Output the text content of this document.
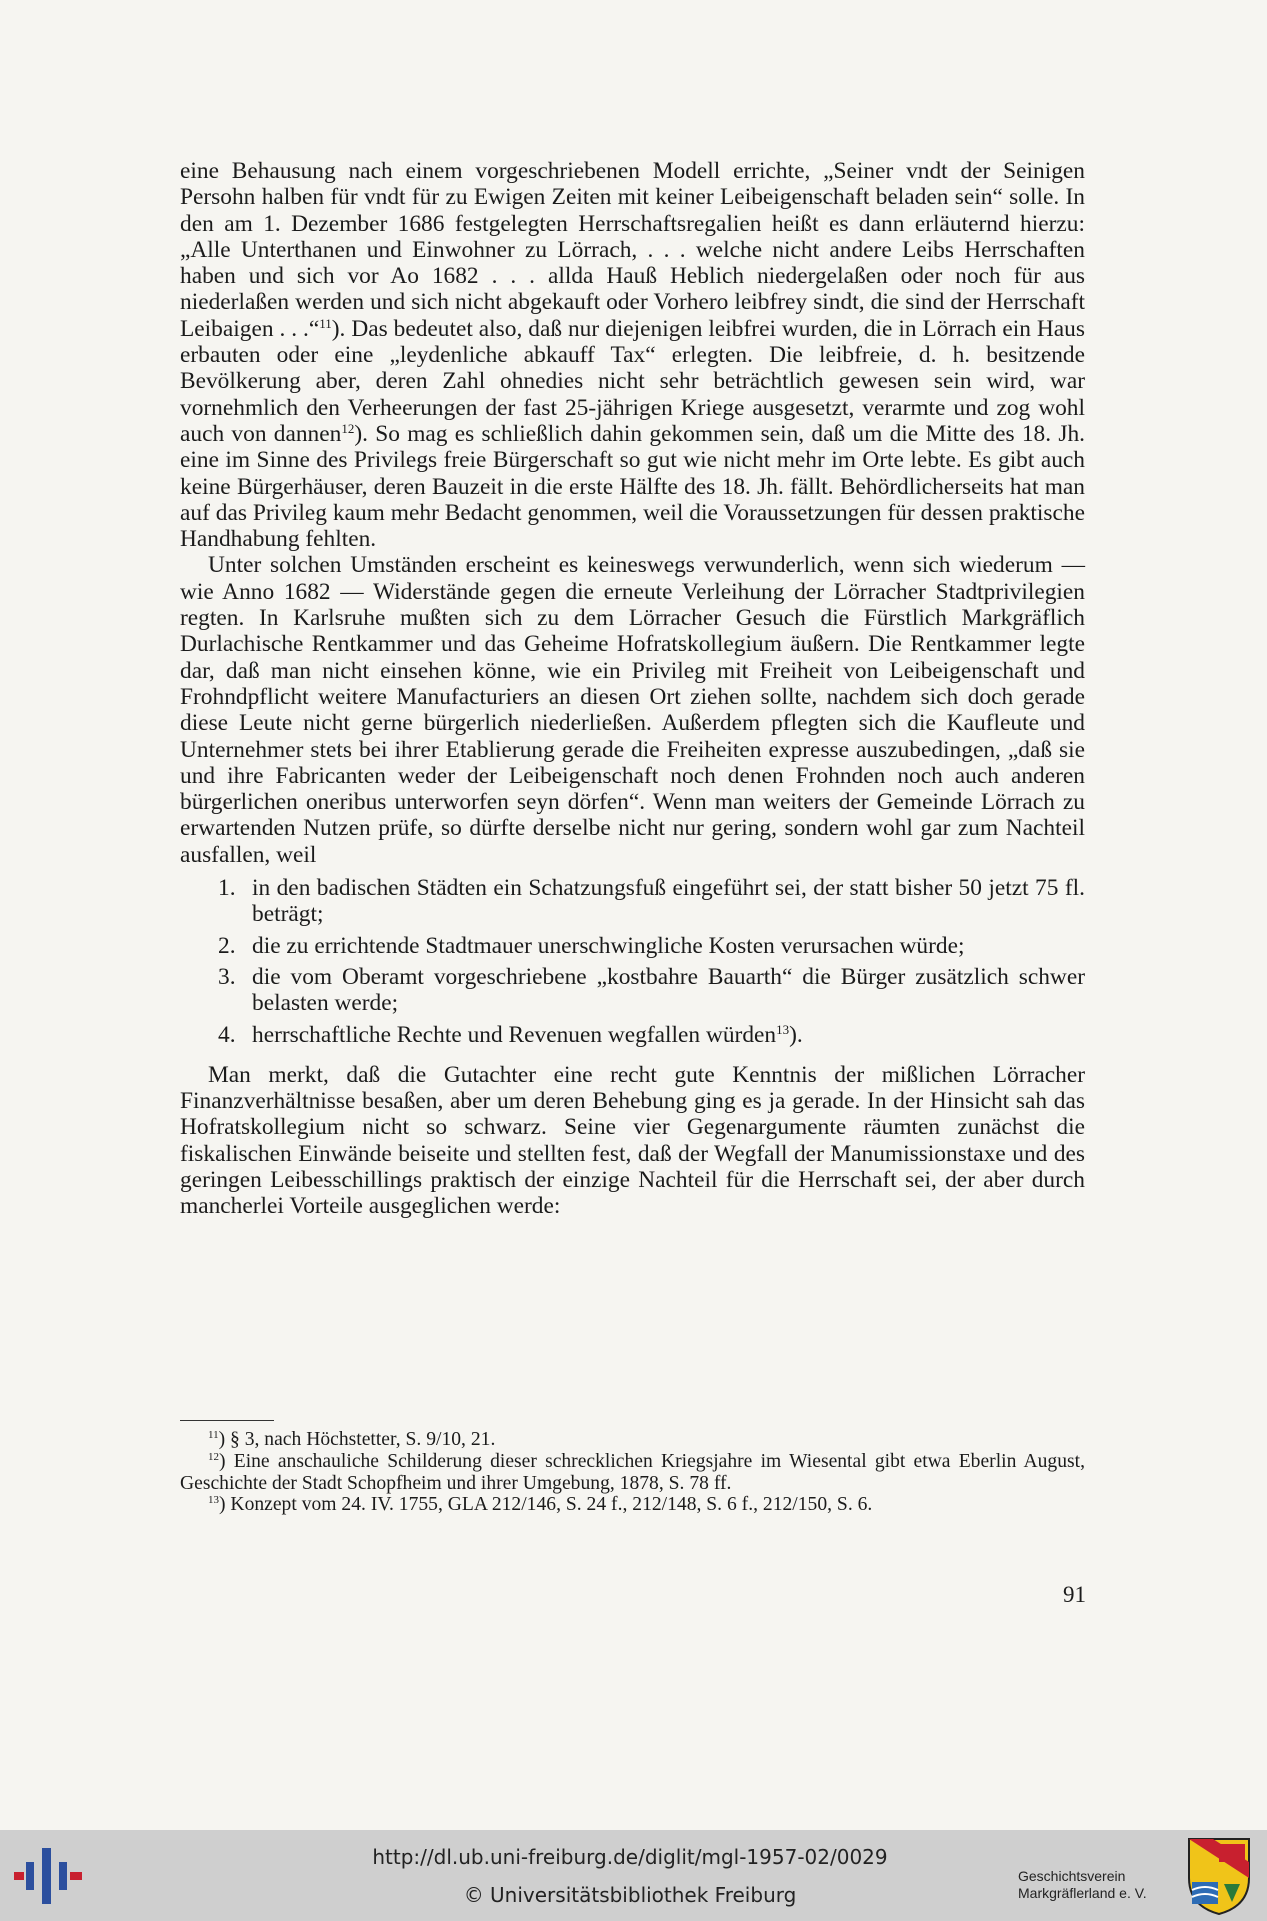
eine Behausung nach einem vorgeschriebenen Modell errichte, „Seiner vndt der Seinigen Persohn halben für vndt für zu Ewigen Zeiten mit keiner Leibeigenschaft beladen sein“ solle. In den am 1. Dezember 1686 festgelegten Herrschaftsregalien heißt es dann erläuternd hierzu: „Alle Unterthanen und Einwohner zu Lörrach, . . . welche nicht andere Leibs Herrschaften haben und sich vor Ao 1682 . . . allda Hauß Heblich niedergelaßen oder noch für aus niederlaßen werden und sich nicht abgekauft oder Vorhero leibfrey sindt, die sind der Herrschaft Leibaigen . . .“$^{11}$). Das bedeutet also, daß nur diejenigen leibfrei wurden, die in Lörrach ein Haus erbauten oder eine „leydenliche abkauff Tax“ erlegten. Die leibfreie, d. h. besitzende Bevölkerung aber, deren Zahl ohnedies nicht sehr beträchtlich gewesen sein wird, war vornehmlich den Verheerungen der fast 25-jährigen Kriege ausgesetzt, verarmte und zog wohl auch von dannen$^{12}$). So mag es schließlich dahin gekommen sein, daß um die Mitte des 18. Jh. eine im Sinne des Privilegs freie Bürgerschaft so gut wie nicht mehr im Orte lebte. Es gibt auch keine Bürgerhäuser, deren Bauzeit in die erste Hälfte des 18. Jh. fällt. Behördlicherseits hat man auf das Privileg kaum mehr Bedacht genommen, weil die Voraussetzungen für dessen praktische Handhabung fehlten.

Unter solchen Umständen erscheint es keineswegs verwunderlich, wenn sich wiederum — wie Anno 1682 — Widerstände gegen die erneute Verleihung der Lörracher Stadtprivilegien regten. In Karlsruhe mußten sich zu dem Lörracher Gesuch die Fürstlich Markgräflich Durlachische Rentkammer und das Geheime Hofratskollegium äußern. Die Rentkammer legte dar, daß man nicht einsehen könne, wie ein Privileg mit Freiheit von Leibeigenschaft und Frohndpflicht weitere Manufacturiers an diesen Ort ziehen sollte, nachdem sich doch gerade diese Leute nicht gerne bürgerlich niederließen. Außerdem pflegten sich die Kaufleute und Unternehmer stets bei ihrer Etablierung gerade die Freiheiten expresse auszubedingen, „daß sie und ihre Fabricanten weder der Leibeigenschaft noch denen Frohnden noch auch anderen bürgerlichen oneribus unterworfen seyn dörfen“. Wenn man weiters der Gemeinde Lörrach zu erwartenden Nutzen prüfe, so dürfte derselbe nicht nur gering, sondern wohl gar zum Nachteil ausfallen, weil

1. in den badischen Städten ein Schatzungsfuß eingeführt sei, der statt bisher 50 jetzt 75 fl. beträgt;
2. die zu errichtende Stadtmauer unerschwingliche Kosten verursachen würde;
3. die vom Oberamt vorgeschriebene „kostbahre Bauarth“ die Bürger zusätzlich schwer belasten werde;
4. herrschaftliche Rechte und Revenuen wegfallen würden$^{13}$).

Man merkt, daß die Gutachter eine recht gute Kenntnis der mißlichen Lörracher Finanzverhältnisse besaßen, aber um deren Behebung ging es ja gerade. In der Hinsicht sah das Hofratskollegium nicht so schwarz. Seine vier Gegenargumente räumten zunächst die fiskalischen Einwände beiseite und stellten fest, daß der Wegfall der Manumissionstaxe und des geringen Leibesschillings praktisch der einzige Nachteil für die Herrschaft sei, der aber durch mancherlei Vorteile ausgeglichen werde:

$^{11}$) § 3, nach Höchstetter, S. 9/10, 21.

$^{12}$) Eine anschauliche Schilderung dieser schrecklichen Kriegsjahre im Wiesental gibt etwa Eberlin August, Geschichte der Stadt Schopfheim und ihrer Umgebung, 1878, S. 78 ff.

$^{13}$) Konzept vom 24. IV. 1755, GLA 212/146, S. 24 f., 212/148, S. 6 f., 212/150, S. 6.

91
http://dl.ub.uni-freiburg.de/diglit/mgl-1957-02/0029
© Universitätsbibliothek Freiburg
Geschichtsverein
Markgräflerland e. V.
